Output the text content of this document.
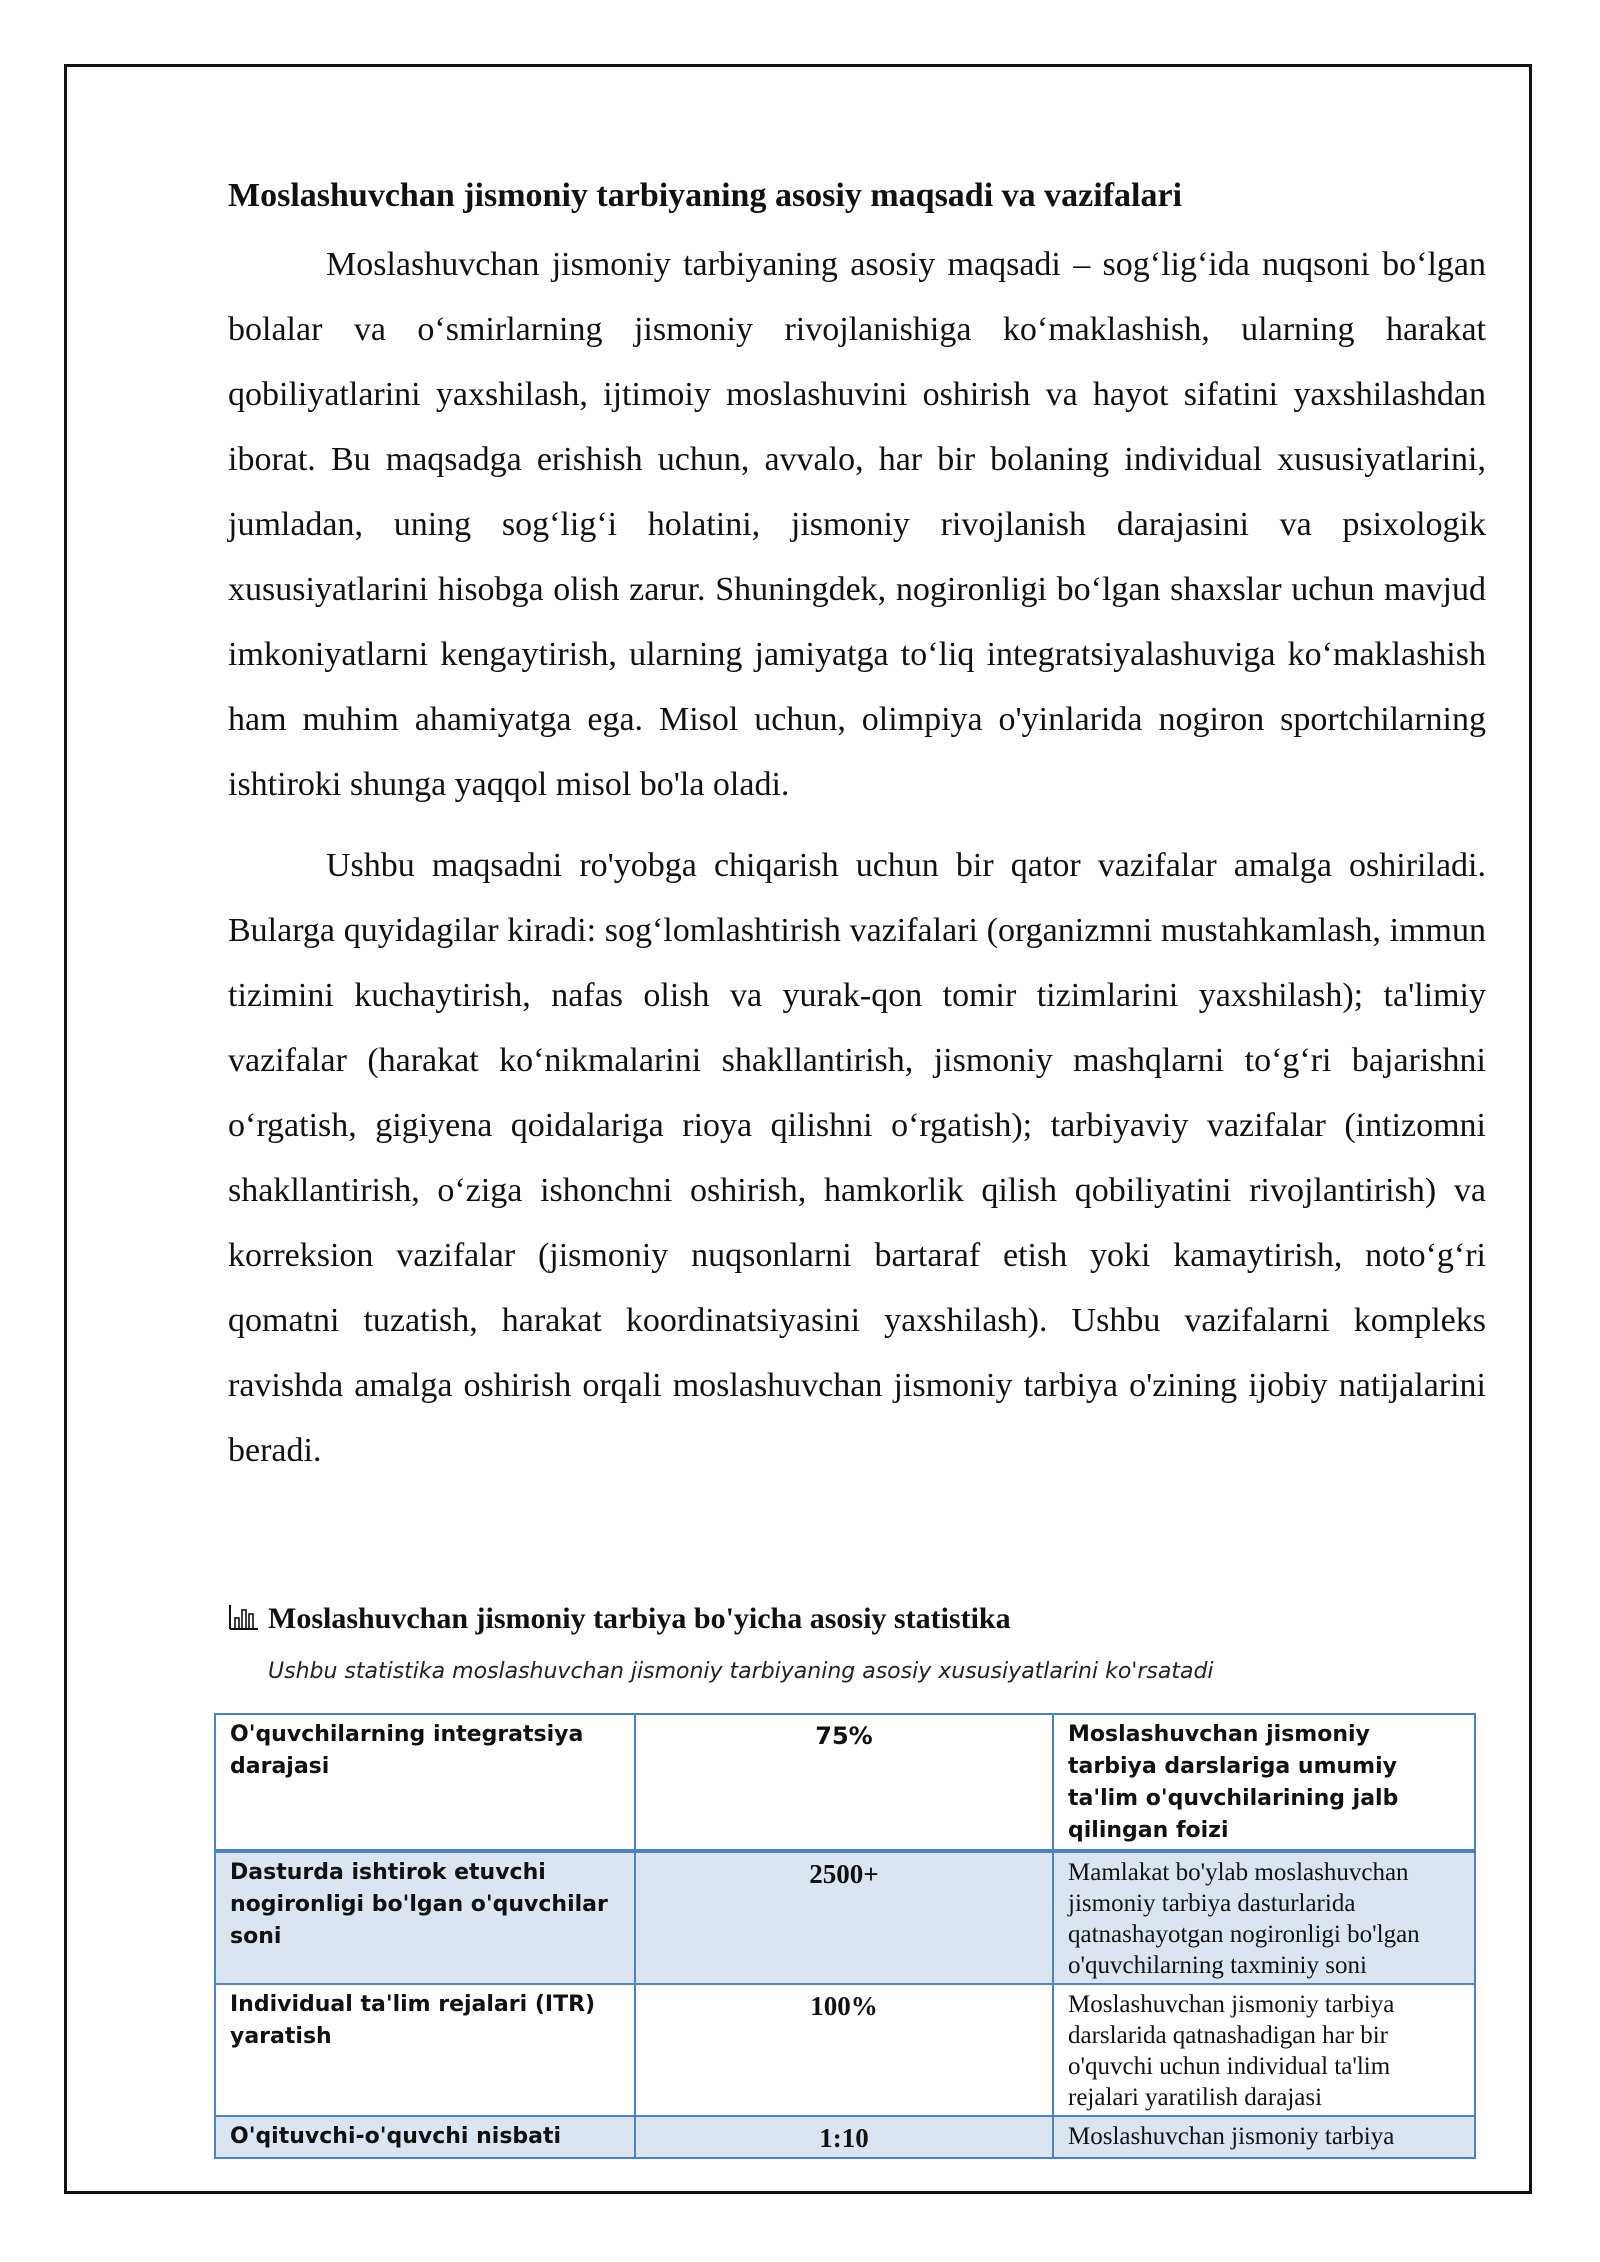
Moslashuvchan jismoniy tarbiyaning asosiy maqsadi va vazifalari

Moslashuvchan jismoniy tarbiyaning asosiy maqsadi – sog‘lig‘ida nuqsoni bo‘lgan bolalar va o‘smirlarning jismoniy rivojlanishiga ko‘maklashish, ularning harakat qobiliyatlarini yaxshilash, ijtimoiy moslashuvini oshirish va hayot sifatini yaxshilashdan iborat. Bu maqsadga erishish uchun, avvalo, har bir bolaning individual xususiyatlarini, jumladan, uning sog‘lig‘i holatini, jismoniy rivojlanish darajasini va psixologik xususiyatlarini hisobga olish zarur. Shuningdek, nogironligi bo‘lgan shaxslar uchun mavjud imkoniyatlarni kengaytirish, ularning jamiyatga to‘liq integratsiyalashuviga ko‘maklashish ham muhim ahamiyatga ega. Misol uchun, olimpiya o'yinlarida nogiron sportchilarning ishtiroki shunga yaqqol misol bo'la oladi.

Ushbu maqsadni ro'yobga chiqarish uchun bir qator vazifalar amalga oshiriladi. Bularga quyidagilar kiradi: sog‘lomlashtirish vazifalari (organizmni mustahkamlash, immun tizimini kuchaytirish, nafas olish va yurak-qon tomir tizimlarini yaxshilash); ta'limiy vazifalar (harakat ko‘nikmalarini shakllantirish, jismoniy mashqlarni to‘g‘ri bajarishni o‘rgatish, gigiyena qoidalariga rioya qilishni o‘rgatish); tarbiyaviy vazifalar (intizomni shakllantirish, o‘ziga ishonchni oshirish, hamkorlik qilish qobiliyatini rivojlantirish) va korreksion vazifalar (jismoniy nuqsonlarni bartaraf etish yoki kamaytirish, noto‘g‘ri qomatni tuzatish, harakat koordinatsiyasini yaxshilash). Ushbu vazifalarni kompleks ravishda amalga oshirish orqali moslashuvchan jismoniy tarbiya o'zining ijobiy natijalarini beradi.

Moslashuvchan jismoniy tarbiya bo'yicha asosiy statistika
Ushbu statistika moslashuvchan jismoniy tarbiyaning asosiy xususiyatlarini ko'rsatadi
O'quvchilarning integratsiya darajasi	75%	Moslashuvchan jismoniy tarbiya darslariga umumiy ta'lim o'quvchilarining jalb qilingan foizi
Dasturda ishtirok etuvchi nogironligi bo'lgan o'quvchilar soni	2500+	Mamlakat bo'ylab moslashuvchan jismoniy tarbiya dasturlarida qatnashayotgan nogironligi bo'lgan o'quvchilarning taxminiy soni
Individual ta'lim rejalari (ITR) yaratish	100%	Moslashuvchan jismoniy tarbiya darslarida qatnashadigan har bir o'quvchi uchun individual ta'lim rejalari yaratilish darajasi
O'qituvchi-o'quvchi nisbati	1:10	Moslashuvchan jismoniy tarbiya
